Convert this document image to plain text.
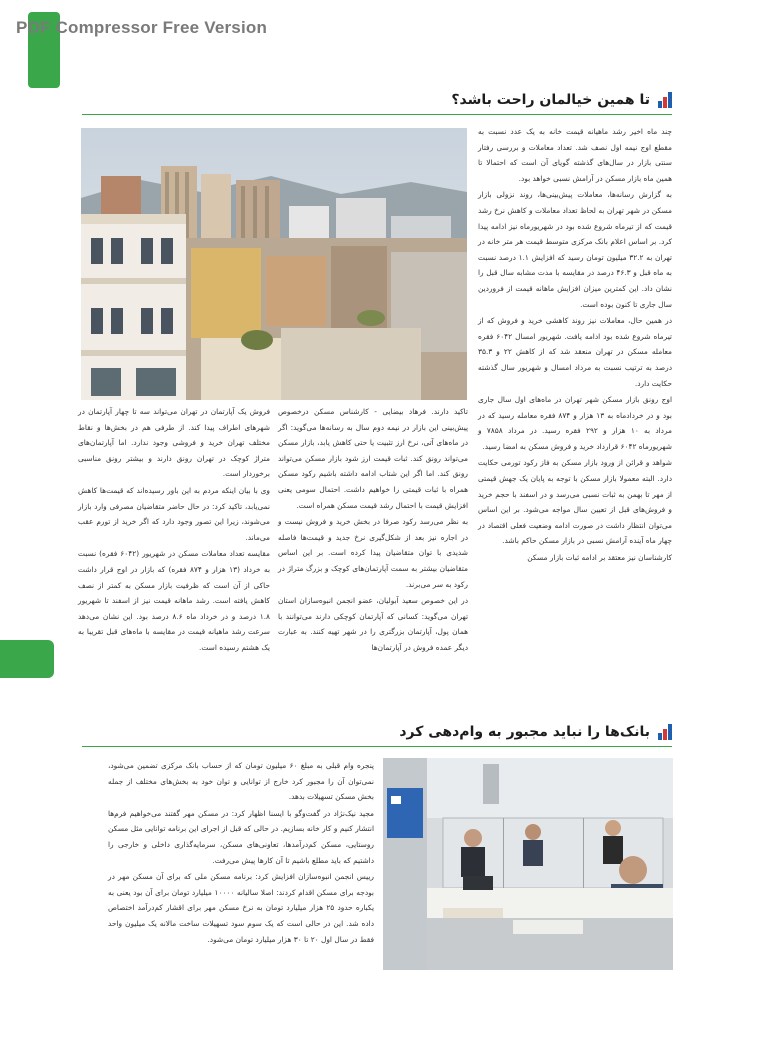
PDF Compressor Free Version
تا همین خیالمان راحت باشد؟

چند ماه اخیر رشد ماهیانه قیمت خانه به یک عدد نسبت به مقطع اوج نیمه اول نصف شد. تعداد معاملات و بررسی رفتار سنتی بازار در سال‌های گذشته گویای آن است که احتمالا تا همین ماه بازار مسکن در آرامش نسبی خواهد بود.

به گزارش رسانه‌ها، معاملات پیش‌بینی‌ها، روند نزولی بازار مسکن در شهر تهران به لحاظ تعداد معاملات و کاهش نرخ رشد قیمت که از تیرماه شروع شده بود در شهریورماه نیز ادامه پیدا کرد. بر اساس اعلام بانک مرکزی متوسط قیمت هر متر خانه در تهران به ۳۲.۲ میلیون تومان رسید که افزایش ۱.۱ درصد نسبت به ماه قبل و ۴۶.۳ درصد در مقایسه با مدت مشابه سال قبل را نشان داد. این کمترین میزان افزایش ماهانه قیمت از فروردین سال جاری تا کنون بوده است.

در همین حال، معاملات نیز روند کاهشی خرید و فروش که از تیرماه شروع شده بود ادامه یافت. شهریور امسال ۶۰۴۲ فقره معامله مسکن در تهران منعقد شد که از کاهش ۲۲ و ۳۵.۳ درصد به ترتیب نسبت به مرداد امسال و شهریور سال گذشته حکایت دارد.

اوج رونق بازار مسکن شهر تهران در ماه‌های اول سال جاری بود و در خردادماه به ۱۳ هزار و ۸۷۴ فقره معامله رسید که در مرداد به ۱۰ هزار و ۲۹۲ فقره رسید. در مرداد ۷۸۵۸ و شهریورماه ۶۰۴۲ قرارداد خرید و فروش مسکن به امضا رسید.

شواهد و قرائن از ورود بازار مسکن به فاز رکود تورمی حکایت دارد. البته معمولا بازار مسکن با توجه به پایان یک جهش قیمتی از مهر تا بهمن به ثبات نسبی می‌رسد و در اسفند با حجم خرید و فروش‌های قبل از تعیین سال مواجه می‌شود. بر این اساس می‌توان انتظار داشت در صورت ادامه وضعیت فعلی اقتصاد در چهار ماه آینده آرامش نسبی در بازار مسکن حاکم باشد.

کارشناسان نیز معتقد بر ادامه ثبات بازار مسکن

تاکید دارند. فرهاد بیضایی - کارشناس مسکن درخصوص پیش‌بینی این بازار در نیمه دوم سال به رسانه‌ها می‌گوید: اگر در ماه‌های آتی، نرخ ارز تثبیت یا حتی کاهش یابد، بازار مسکن می‌تواند رونق کند. ثبات قیمت ارز شود بازار مسکن می‌تواند رونق کند. اما اگر این شتاب ادامه داشته باشیم رکود مسکن همراه با ثبات قیمتی را خواهیم داشت. احتمال سومی یعنی افزایش قیمت با احتمال رشد قیمت مسکن همراه است.

به نظر می‌رسد رکود صرفا در بخش خرید و فروش نیست و در اجاره نیز بعد از شکل‌گیری نرخ جدید و قیمت‌ها فاصله شدیدی با توان متقاضیان پیدا کرده است. بر این اساس متقاضیان بیشتر به سمت آپارتمان‌های کوچک و بزرگ متراژ در رکود به سر می‌برند.

در این خصوص سعید آبولیان، عضو انجمن انبوه‌سازان استان تهران می‌گوید: کسانی که آپارتمان کوچکی دارند می‌توانند با همان پول، آپارتمان بزرگتری را در شهر تهیه کنند. به عبارت دیگر عمده فروش در آپارتمان‌ها

فروش یک آپارتمان در تهران می‌تواند سه تا چهار آپارتمان در شهرهای اطراف پیدا کند. از طرفی هم در بخش‌ها و نقاط مختلف تهران خرید و فروشی وجود ندارد. اما آپارتمان‌های متراژ کوچک در تهران رونق دارند و بیشتر رونق مناسبی برخوردار است.

وی با بیان اینکه مردم به این باور رسیده‌اند که قیمت‌ها کاهش نمی‌یابد، تاکید کرد: در حال حاضر متقاضیان مصرفی وارد بازار می‌شوند، زیرا این تصور وجود دارد که اگر خرید از تورم عقب می‌ماند.

مقایسه تعداد معاملات مسکن در شهریور (۶۰۴۲ فقره) نسبت به خرداد (۱۳ هزار و ۸۷۴ فقره) که بازار در اوج قرار داشت حاکی از آن است که ظرفیت بازار مسکن به کمتر از نصف کاهش یافته است. رشد ماهانه قیمت نیز از اسفند تا شهریور ۱.۸ درصد و در خرداد ماه ۸.۶ درصد بود. این نشان می‌دهد سرعت رشد ماهیانه قیمت در مقایسه با ماه‌های قبل تقریبا به یک هشتم رسیده است.

بانک‌ها را نباید مجبور به وام‌دهی کرد

پنجره وام قبلی به مبلغ ۶۰ میلیون تومان که از حساب بانک مرکزی تضمین می‌شود، نمی‌توان آن را مجبور کرد خارج از توانایی و توان خود به بخش‌های مختلف از جمله بخش مسکن تسهیلات بدهد.

مجید نیک‌نژاد در گفت‌وگو با ایسنا اظهار کرد: در مسکن مهر گفتند می‌خواهیم فرم‌ها انتشار کنیم و کار خانه بسازیم. در حالی که قبل از اجرای این برنامه توانایی مثل مسکن روستایی، مسکن کم‌درآمدها، تعاونی‌های مسکن، سرمایه‌گذاری داخلی و خارجی را داشتیم که باید مطلع باشیم تا آن کارها پیش می‌رفت.

رییس انجمن انبوه‌سازان افزایش کرد: برنامه مسکن ملی که برای آن مسکن مهر در بودجه برای مسکن اقدام کردند: اصلا سالیانه ۱۰۰۰۰ میلیارد تومان برای آن بود یعنی به یکباره حدود ۲۵ هزار میلیارد تومان به نرخ مسکن مهر برای اقشار کم‌درآمد اختصاص داده شد. این در حالی است که یک سوم سود تسهیلات ساخت مالانه یک میلیون واحد فقط در سال اول ۲۰ تا ۳۰ هزار میلیارد تومان می‌شود.
